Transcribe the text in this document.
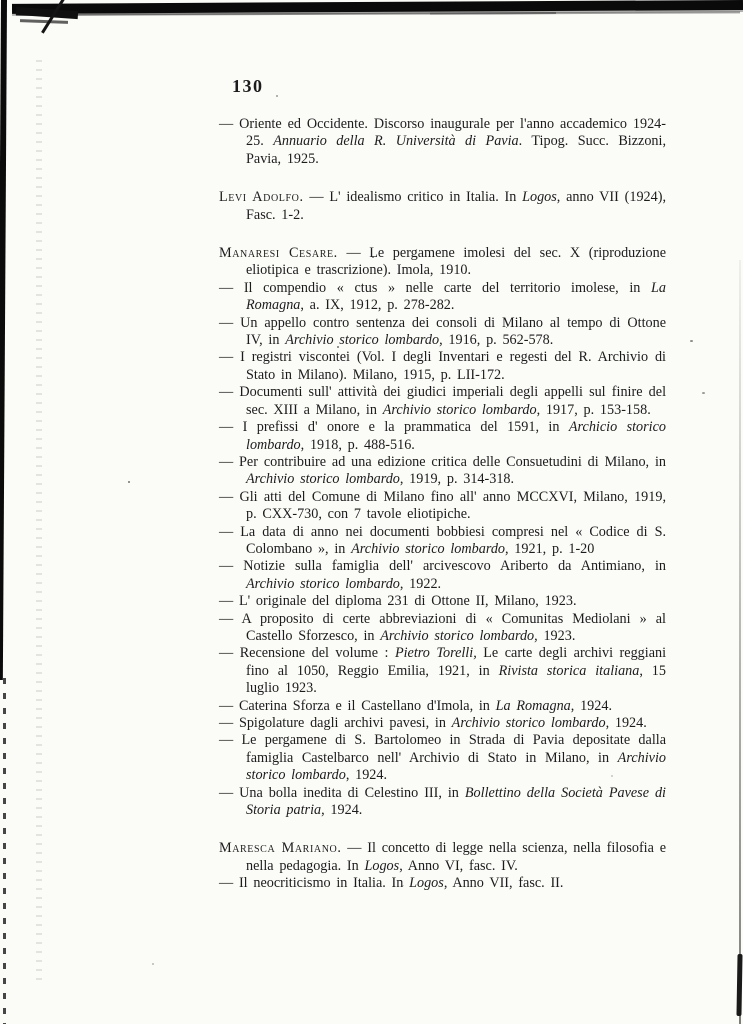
130

— Oriente ed Occidente. Discorso inaugurale per l'anno accademico 1924-25. Annuario della R. Università di Pavia. Tipog. Succ. Bizzoni, Pavia, 1925.

Levi Adolfo. — L' idealismo critico in Italia. In Logos, anno VII (1924), Fasc. 1-2.

Manaresi Cesare. — Le pergamene imolesi del sec. X (riproduzione eliotipica e trascrizione). Imola, 1910.

— Il compendio « ctus » nelle carte del territorio imolese, in La Romagna, a. IX, 1912, p. 278-282.

— Un appello contro sentenza dei consoli di Milano al tempo di Ottone IV, in Archivio storico lombardo, 1916, p. 562-578.

— I registri viscontei (Vol. I degli Inventari e regesti del R. Archivio di Stato in Milano). Milano, 1915, p. LII-172.

— Documenti sull' attività dei giudici imperiali degli appelli sul finire del sec. XIII a Milano, in Archivio storico lombardo, 1917, p. 153-158.

— I prefissi d' onore e la prammatica del 1591, in Archicio storico lombardo, 1918, p. 488-516.

— Per contribuire ad una edizione critica delle Consuetudini di Milano, in Archivio storico lombardo, 1919, p. 314-318.

— Gli atti del Comune di Milano fino all' anno MCCXVI, Milano, 1919, p. CXX-730, con 7 tavole eliotipiche.

— La data di anno nei documenti bobbiesi compresi nel « Codice di S. Colombano », in Archivio storico lombardo, 1921, p. 1-20

— Notizie sulla famiglia dell' arcivescovo Ariberto da Antimiano, in Archivio storico lombardo, 1922.

— L' originale del diploma 231 di Ottone II, Milano, 1923.

— A proposito di certe abbreviazioni di « Comunitas Mediolani » al Castello Sforzesco, in Archivio storico lombardo, 1923.

— Recensione del volume : Pietro Torelli, Le carte degli archivi reggiani fino al 1050, Reggio Emilia, 1921, in Rivista storica italiana, 15 luglio 1923.

— Caterina Sforza e il Castellano d'Imola, in La Romagna, 1924.

— Spigolature dagli archivi pavesi, in Archivio storico lombardo, 1924.

— Le pergamene di S. Bartolomeo in Strada di Pavia depositate dalla famiglia Castelbarco nell' Archivio di Stato in Milano, in Archivio storico lombardo, 1924.

— Una bolla inedita di Celestino III, in Bollettino della Società Pavese di Storia patria, 1924.

Maresca Mariano. — Il concetto di legge nella scienza, nella filosofia e nella pedagogia. In Logos, Anno VI, fasc. IV.

— Il neocriticismo in Italia. In Logos, Anno VII, fasc. II.
